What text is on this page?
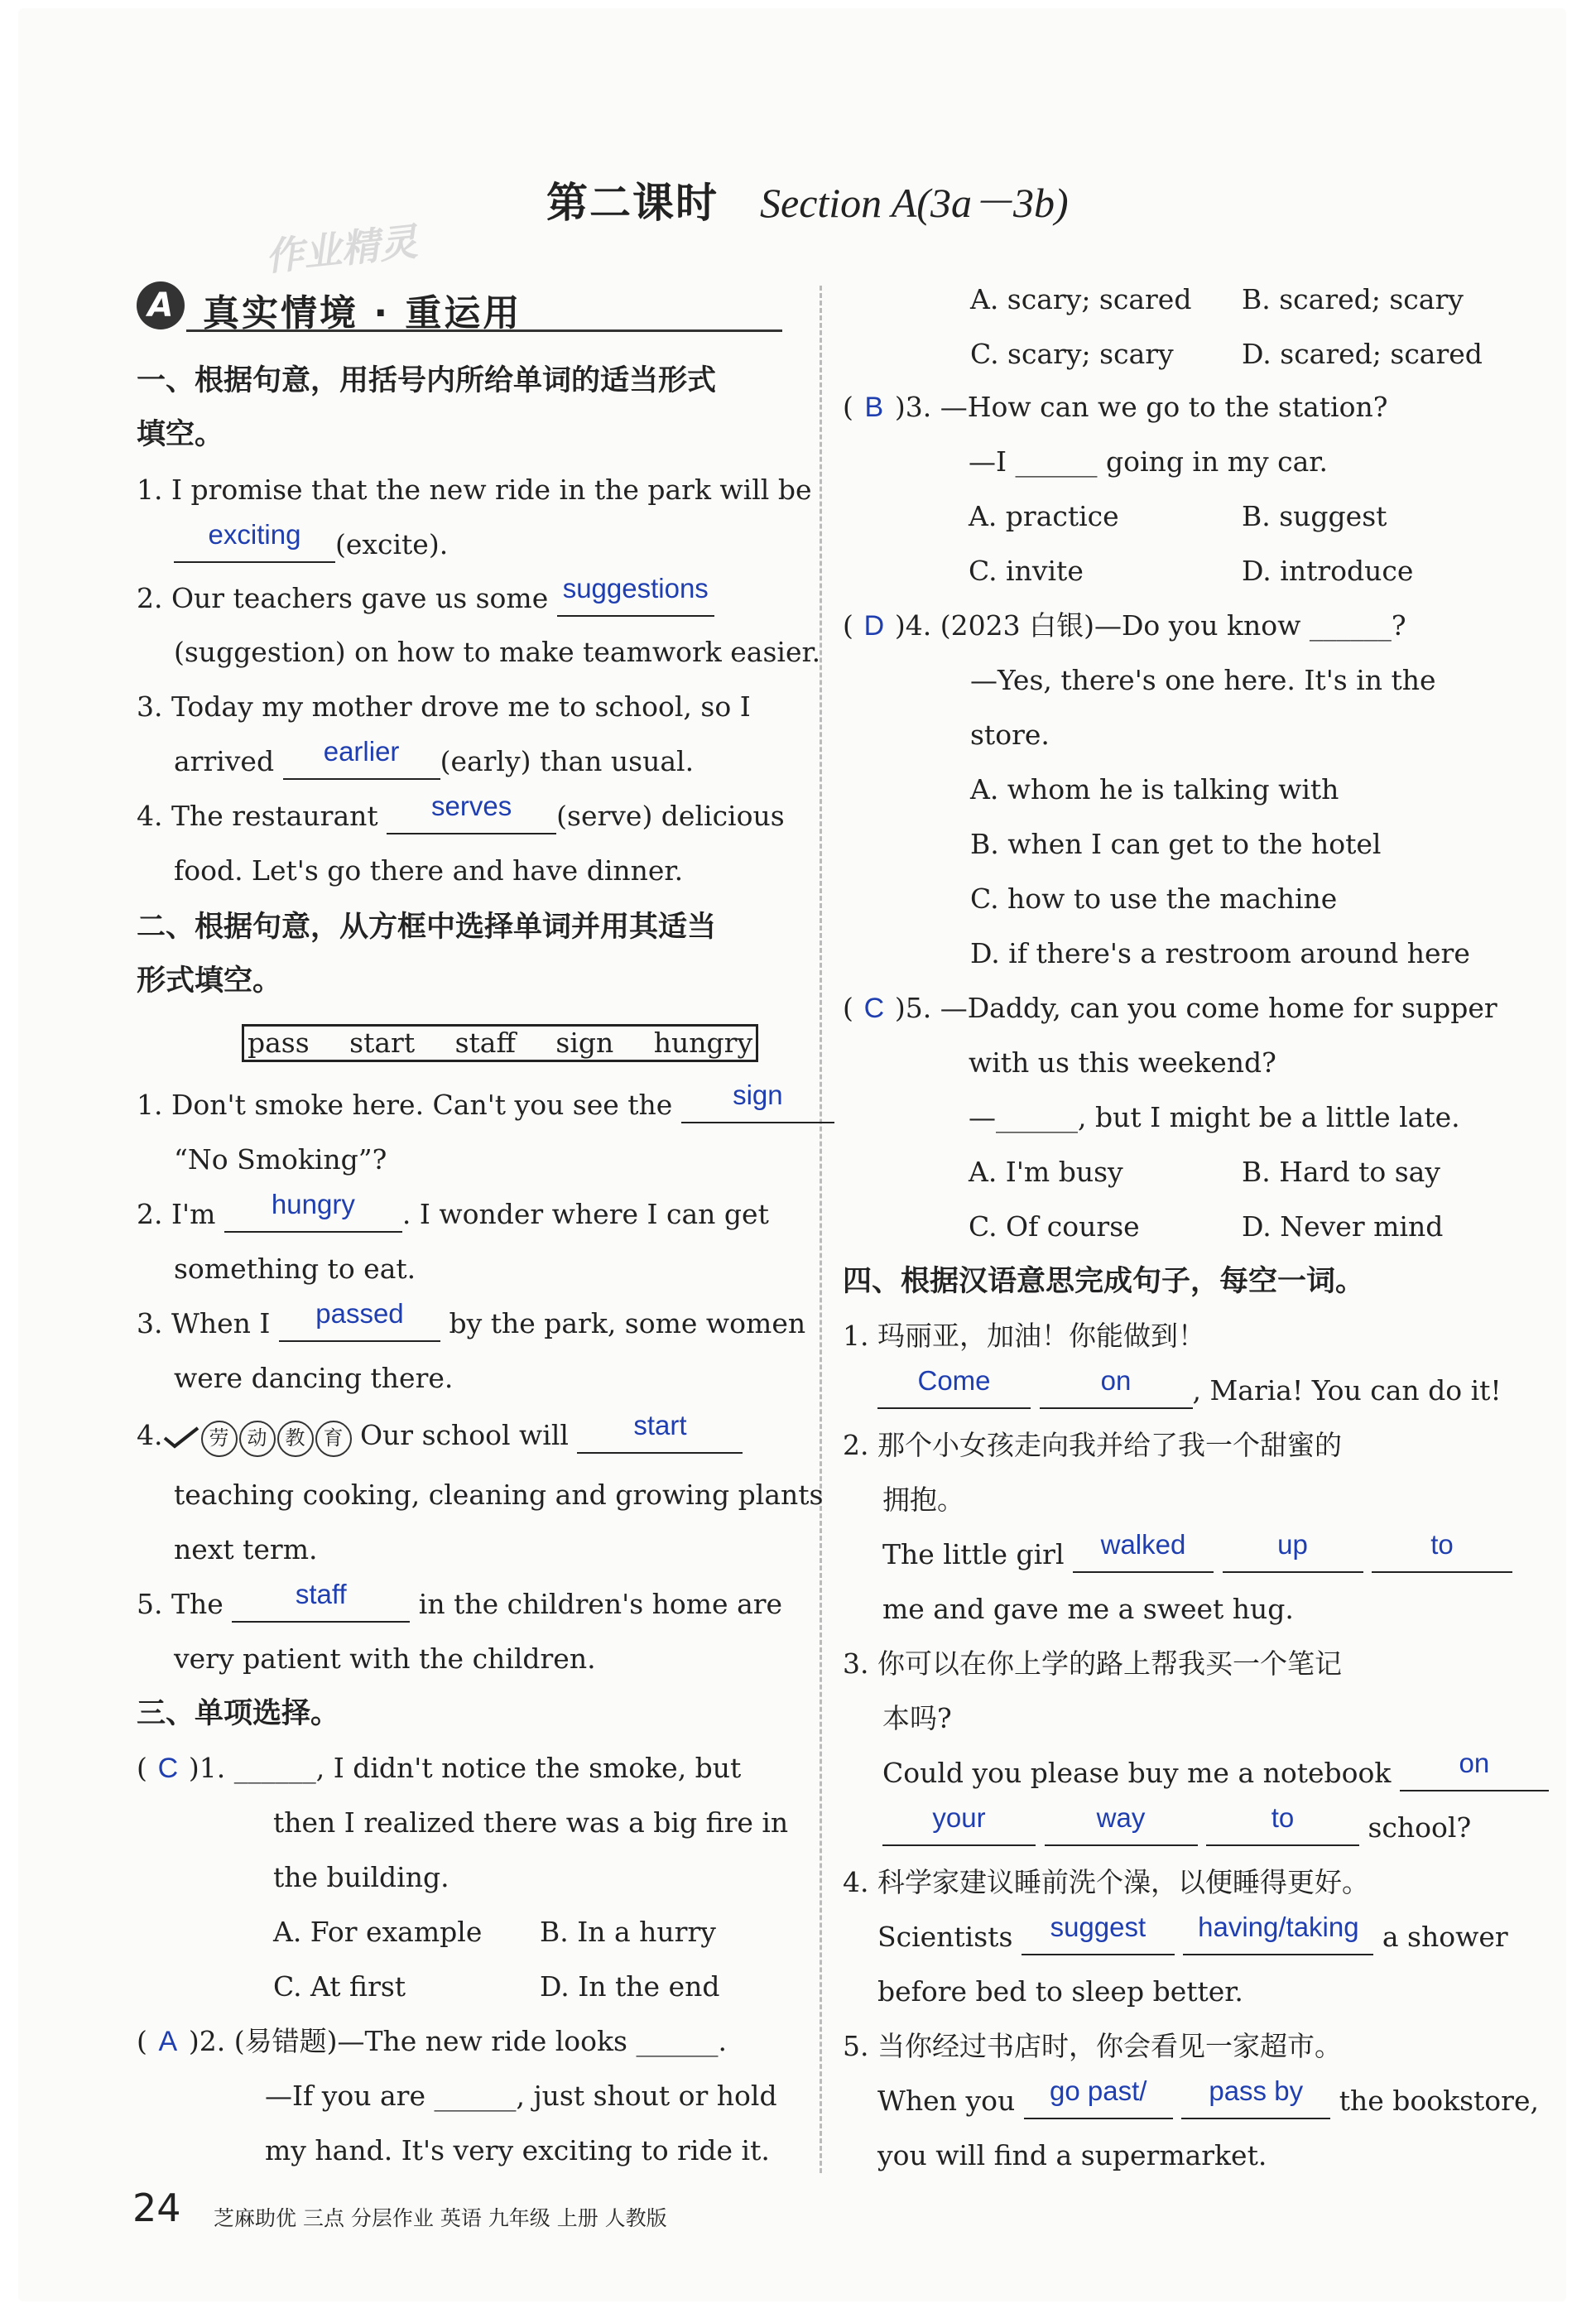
第二课时 Section A(3a－3b)
作业精灵
A 真实情境 · 重运用
一、根据句意，用括号内所给单词的适当形式
填空。
1. I promise that the new ride in the park will be
exciting (excite).
2. Our teachers gave us some suggestions
(suggestion) on how to make teamwork easier.
3. Today my mother drove me to school, so I
arrived earlier (early) than usual.
4. The restaurant serves (serve) delicious
food. Let's go there and have dinner.
二、根据句意，从方框中选择单词并用其适当
形式填空。
pass start staff sign hungry
1. Don't smoke here. Can't you see the sign
“No Smoking”?
2. I'm hungry . I wonder where I can get
something to eat.
3. When I passed by the park, some women
were dancing there.
4. 劳 动 教 育 Our school will start
teaching cooking, cleaning and growing plants
next term.
5. The	staff	in the children's home are
very patient with the children.
三、单项选择。
( C )1. ______, I didn't notice the smoke, but
then I realized there was a big fire in
the building.
A. For example B. In a hurry
C. At first	D. In the end
( A )2. (易错题)—The new ride looks ______.
—If you are ______, just shout or hold
my hand. It's very exciting to ride it.
A. scary; scared B. scared; scary
C. scary; scary D. scared; scared
( B )3. —How can we go to the station?
—I ______ going in my car.
A. practice	B. suggest
C. invite	D. introduce
( D )4. (2023 白银)—Do you know ______?
—Yes, there's one here. It's in the
store.
A. whom he is talking with
B. when I can get to the hotel
C. how to use the machine
D. if there's a restroom around here
( C )5. —Daddy, can you come home for supper
with us this weekend?
—______, but I might be a little late.
A. I'm busy	B. Hard to say
C. Of course	D. Never mind
四、根据汉语意思完成句子，每空一词。
1. 玛丽亚，加油！你能做到！
Come	on , Maria! You can do it!
2. 那个小女孩走向我并给了我一个甜蜜的
拥抱。
The little girl walked	up	to
me and gave me a sweet hug.
3. 你可以在你上学的路上帮我买一个笔记
本吗?
Could you please buy me a notebook on
your	way	to	school?
4. 科学家建议睡前洗个澡，以便睡得更好。
Scientists suggest having/taking a shower
before bed to sleep better.
5. 当你经过书店时，你会看见一家超市。
When you go past/ pass by the bookstore,
you will find a supermarket.
24 芝麻助优 三点 分层作业 英语 九年级 上册 人教版
